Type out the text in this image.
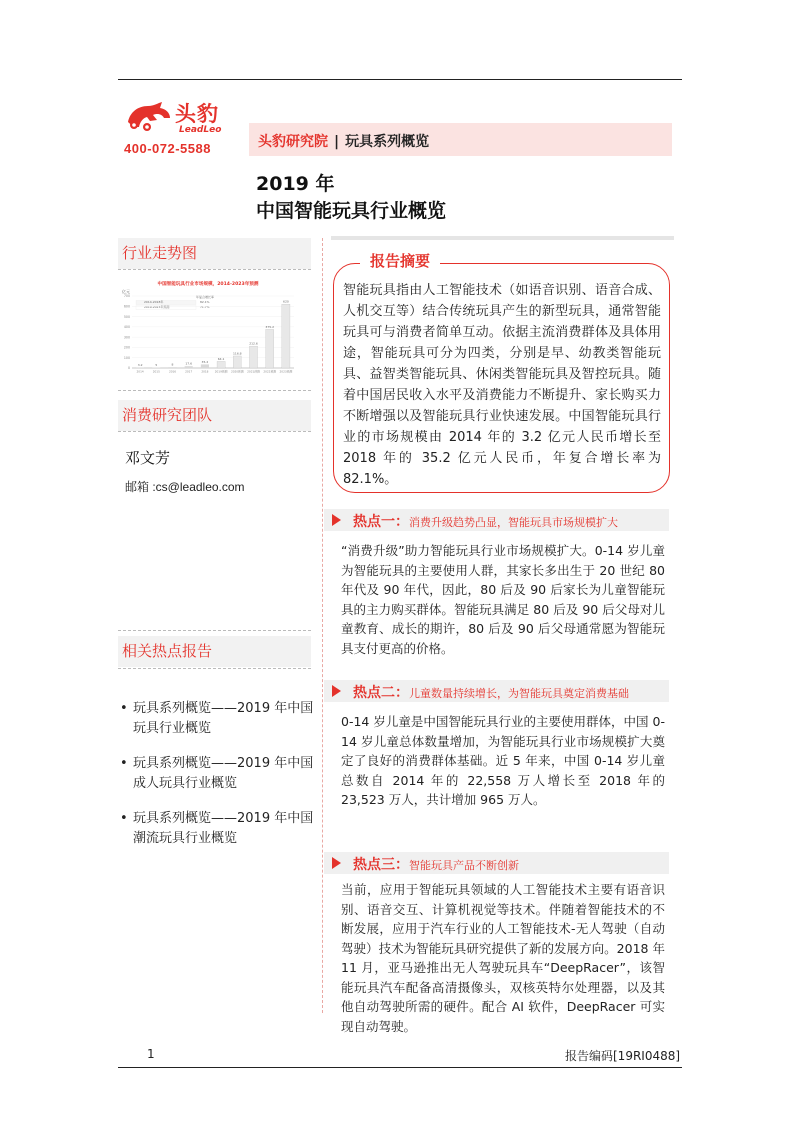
头豹
LeadLeo
400-072-5588	头豹研究院 | 玩具系列概览
2019 年
中国智能玩具行业概览
行业走势图
中国智能玩具行业市场规模，2014-2023年预测
亿元
年复合增长率
2014-2018年	82.1%
2019-2023年预测	71.7%
0
100
200
300
400
500
600
700
3.2
2014
5
2015
8
2016
17.6
2017
35.2
2018
64.1
2019预测
116.8
2020预测
212.6
2021预测
375.2
2022预测
620
2023预测
消费研究团队
邓文芳
邮箱 :cs@leadleo.com
相关热点报告
• 玩具系列概览——2019 年中国玩具行业概览
• 玩具系列概览——2019 年中国成人玩具行业概览
• 玩具系列概览——2019 年中国潮流玩具行业概览
报告摘要
智能玩具指由人工智能技术（如语音识别、语音合成、人机交互等）结合传统玩具产生的新型玩具，通常智能玩具可与消费者简单互动。依据主流消费群体及具体用途，智能玩具可分为四类，分别是早、幼教类智能玩具、益智类智能玩具、休闲类智能玩具及智控玩具。随着中国居民收入水平及消费能力不断提升、家长购买力不断增强以及智能玩具行业快速发展。中国智能玩具行业的市场规模由 2014 年的 3.2 亿元人民币增长至 2018 年的 35.2 亿元人民币，年复合增长率为 82.1%。
热点一：消费升级趋势凸显，智能玩具市场规模扩大
“消费升级”助力智能玩具行业市场规模扩大。0-14 岁儿童为智能玩具的主要使用人群，其家长多出生于 20 世纪 80 年代及 90 年代，因此，80 后及 90 后家长为儿童智能玩具的主力购买群体。智能玩具满足 80 后及 90 后父母对儿童教育、成长的期许，80 后及 90 后父母通常愿为智能玩具支付更高的价格。
热点二：儿童数量持续增长，为智能玩具奠定消费基础
0-14 岁儿童是中国智能玩具行业的主要使用群体，中国 0-14 岁儿童总体数量增加，为智能玩具行业市场规模扩大奠定了良好的消费群体基础。近 5 年来，中国 0-14 岁儿童总数自 2014 年的 22,558 万人增长至 2018 年的 23,523 万人，共计增加 965 万人。
热点三：智能玩具产品不断创新
当前，应用于智能玩具领域的人工智能技术主要有语音识别、语音交互、计算机视觉等技术。伴随着智能技术的不断发展，应用于汽车行业的人工智能技术-无人驾驶（自动驾驶）技术为智能玩具研究提供了新的发展方向。2018 年 11 月，亚马逊推出无人驾驶玩具车“DeepRacer”，该智能玩具汽车配备高清摄像头，双核英特尔处理器，以及其他自动驾驶所需的硬件。配合 AI 软件，DeepRacer 可实现自动驾驶。
1	报告编码[19RI0488]
